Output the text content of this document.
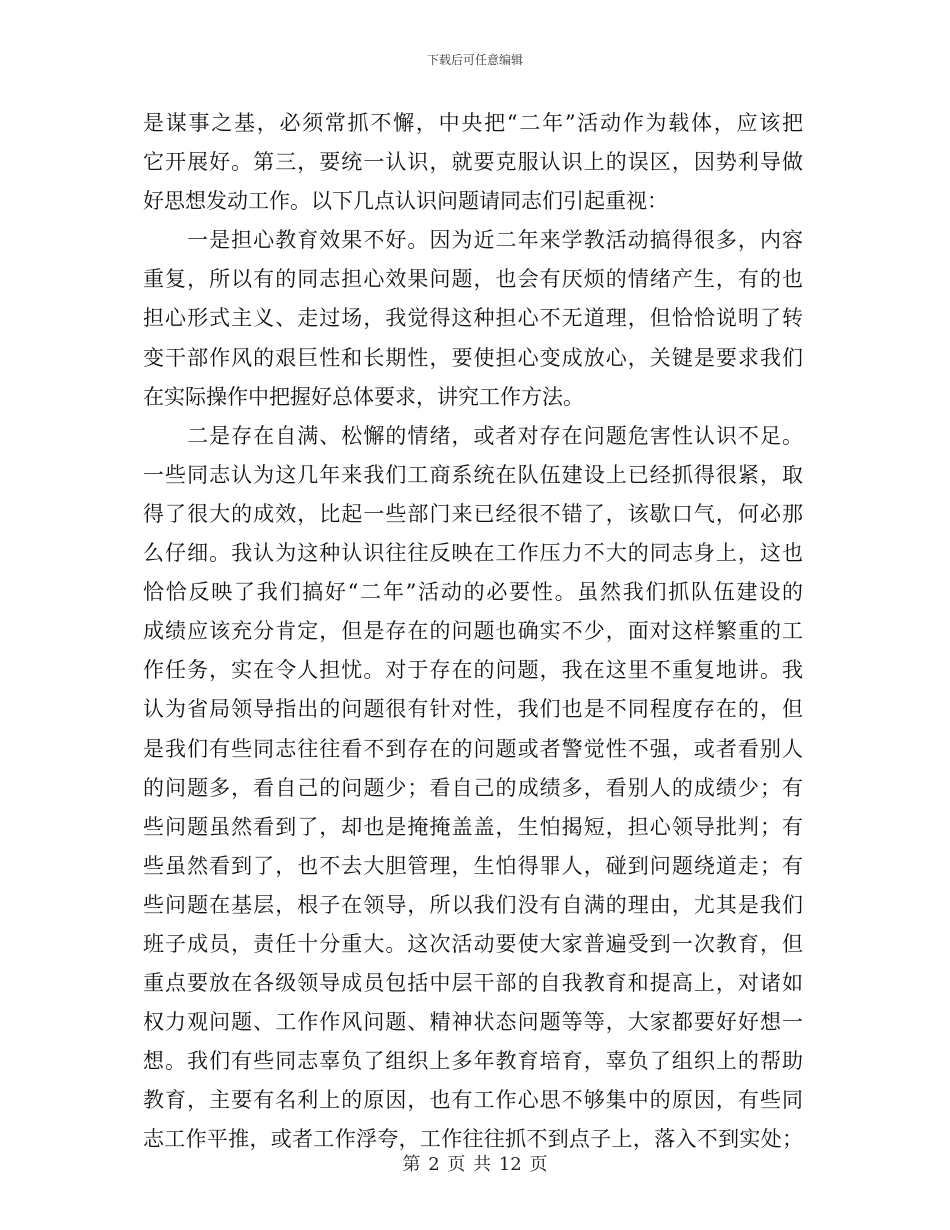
下载后可任意编辑
是谋事之基，必须常抓不懈，中央把“二年”活动作为载体，应该把
它开展好。第三，要统一认识，就要克服认识上的误区，因势利导做
好思想发动工作。以下几点认识问题请同志们引起重视：
　　一是担心教育效果不好。因为近二年来学教活动搞得很多，内容
重复，所以有的同志担心效果问题，也会有厌烦的情绪产生，有的也
担心形式主义、走过场，我觉得这种担心不无道理，但恰恰说明了转
变干部作风的艰巨性和长期性，要使担心变成放心，关键是要求我们
在实际操作中把握好总体要求，讲究工作方法。
　　二是存在自满、松懈的情绪，或者对存在问题危害性认识不足。
一些同志认为这几年来我们工商系统在队伍建设上已经抓得很紧，取
得了很大的成效，比起一些部门来已经很不错了，该歇口气，何必那
么仔细。我认为这种认识往往反映在工作压力不大的同志身上，这也
恰恰反映了我们搞好“二年”活动的必要性。虽然我们抓队伍建设的
成绩应该充分肯定，但是存在的问题也确实不少，面对这样繁重的工
作任务，实在令人担忧。对于存在的问题，我在这里不重复地讲。我
认为省局领导指出的问题很有针对性，我们也是不同程度存在的，但
是我们有些同志往往看不到存在的问题或者警觉性不强，或者看别人
的问题多，看自己的问题少；看自己的成绩多，看别人的成绩少；有
些问题虽然看到了，却也是掩掩盖盖，生怕揭短，担心领导批判；有
些虽然看到了，也不去大胆管理，生怕得罪人，碰到问题绕道走；有
些问题在基层，根子在领导，所以我们没有自满的理由，尤其是我们
班子成员，责任十分重大。这次活动要使大家普遍受到一次教育，但
重点要放在各级领导成员包括中层干部的自我教育和提高上，对诸如
权力观问题、工作作风问题、精神状态问题等等，大家都要好好想一
想。我们有些同志辜负了组织上多年教育培育，辜负了组织上的帮助
教育，主要有名利上的原因，也有工作心思不够集中的原因，有些同
志工作平推，或者工作浮夸，工作往往抓不到点子上，落入不到实处；
第 2 页 共 12 页
